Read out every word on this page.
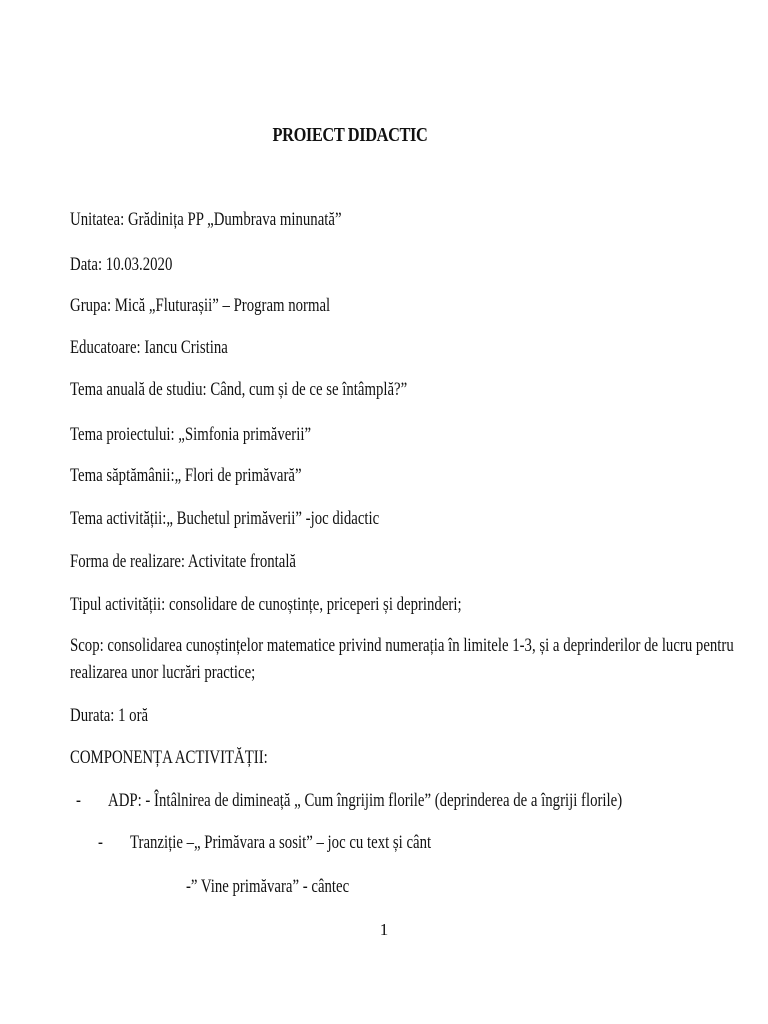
PROIECT DIDACTIC
Unitatea: Grădinița PP „Dumbrava minunată”
Data: 10.03.2020
Grupa: Mică „Fluturașii” – Program normal
Educatoare: Iancu Cristina
Tema anuală de studiu: Când, cum și de ce se întâmplă?”
Tema proiectului: „Simfonia primăverii”
Tema săptămânii:„ Flori de primăvară”
Tema activității:„ Buchetul primăverii” -joc didactic
Forma de realizare: Activitate frontală
Tipul activității: consolidare de cunoștințe, priceperi și deprinderi;
Scop: consolidarea cunoștințelor matematice privind numerația în limitele 1-3, și a deprinderilor de lucru pentru
realizarea unor lucrări practice;
Durata: 1 oră
COMPONENȚA ACTIVITĂȚII:
- ADP: - Întâlnirea de dimineață „ Cum îngrijim florile” (deprinderea de a îngriji florile)
- Tranziție –„ Primăvara a sosit” – joc cu text și cânt
-” Vine primăvara” - cântec
1
